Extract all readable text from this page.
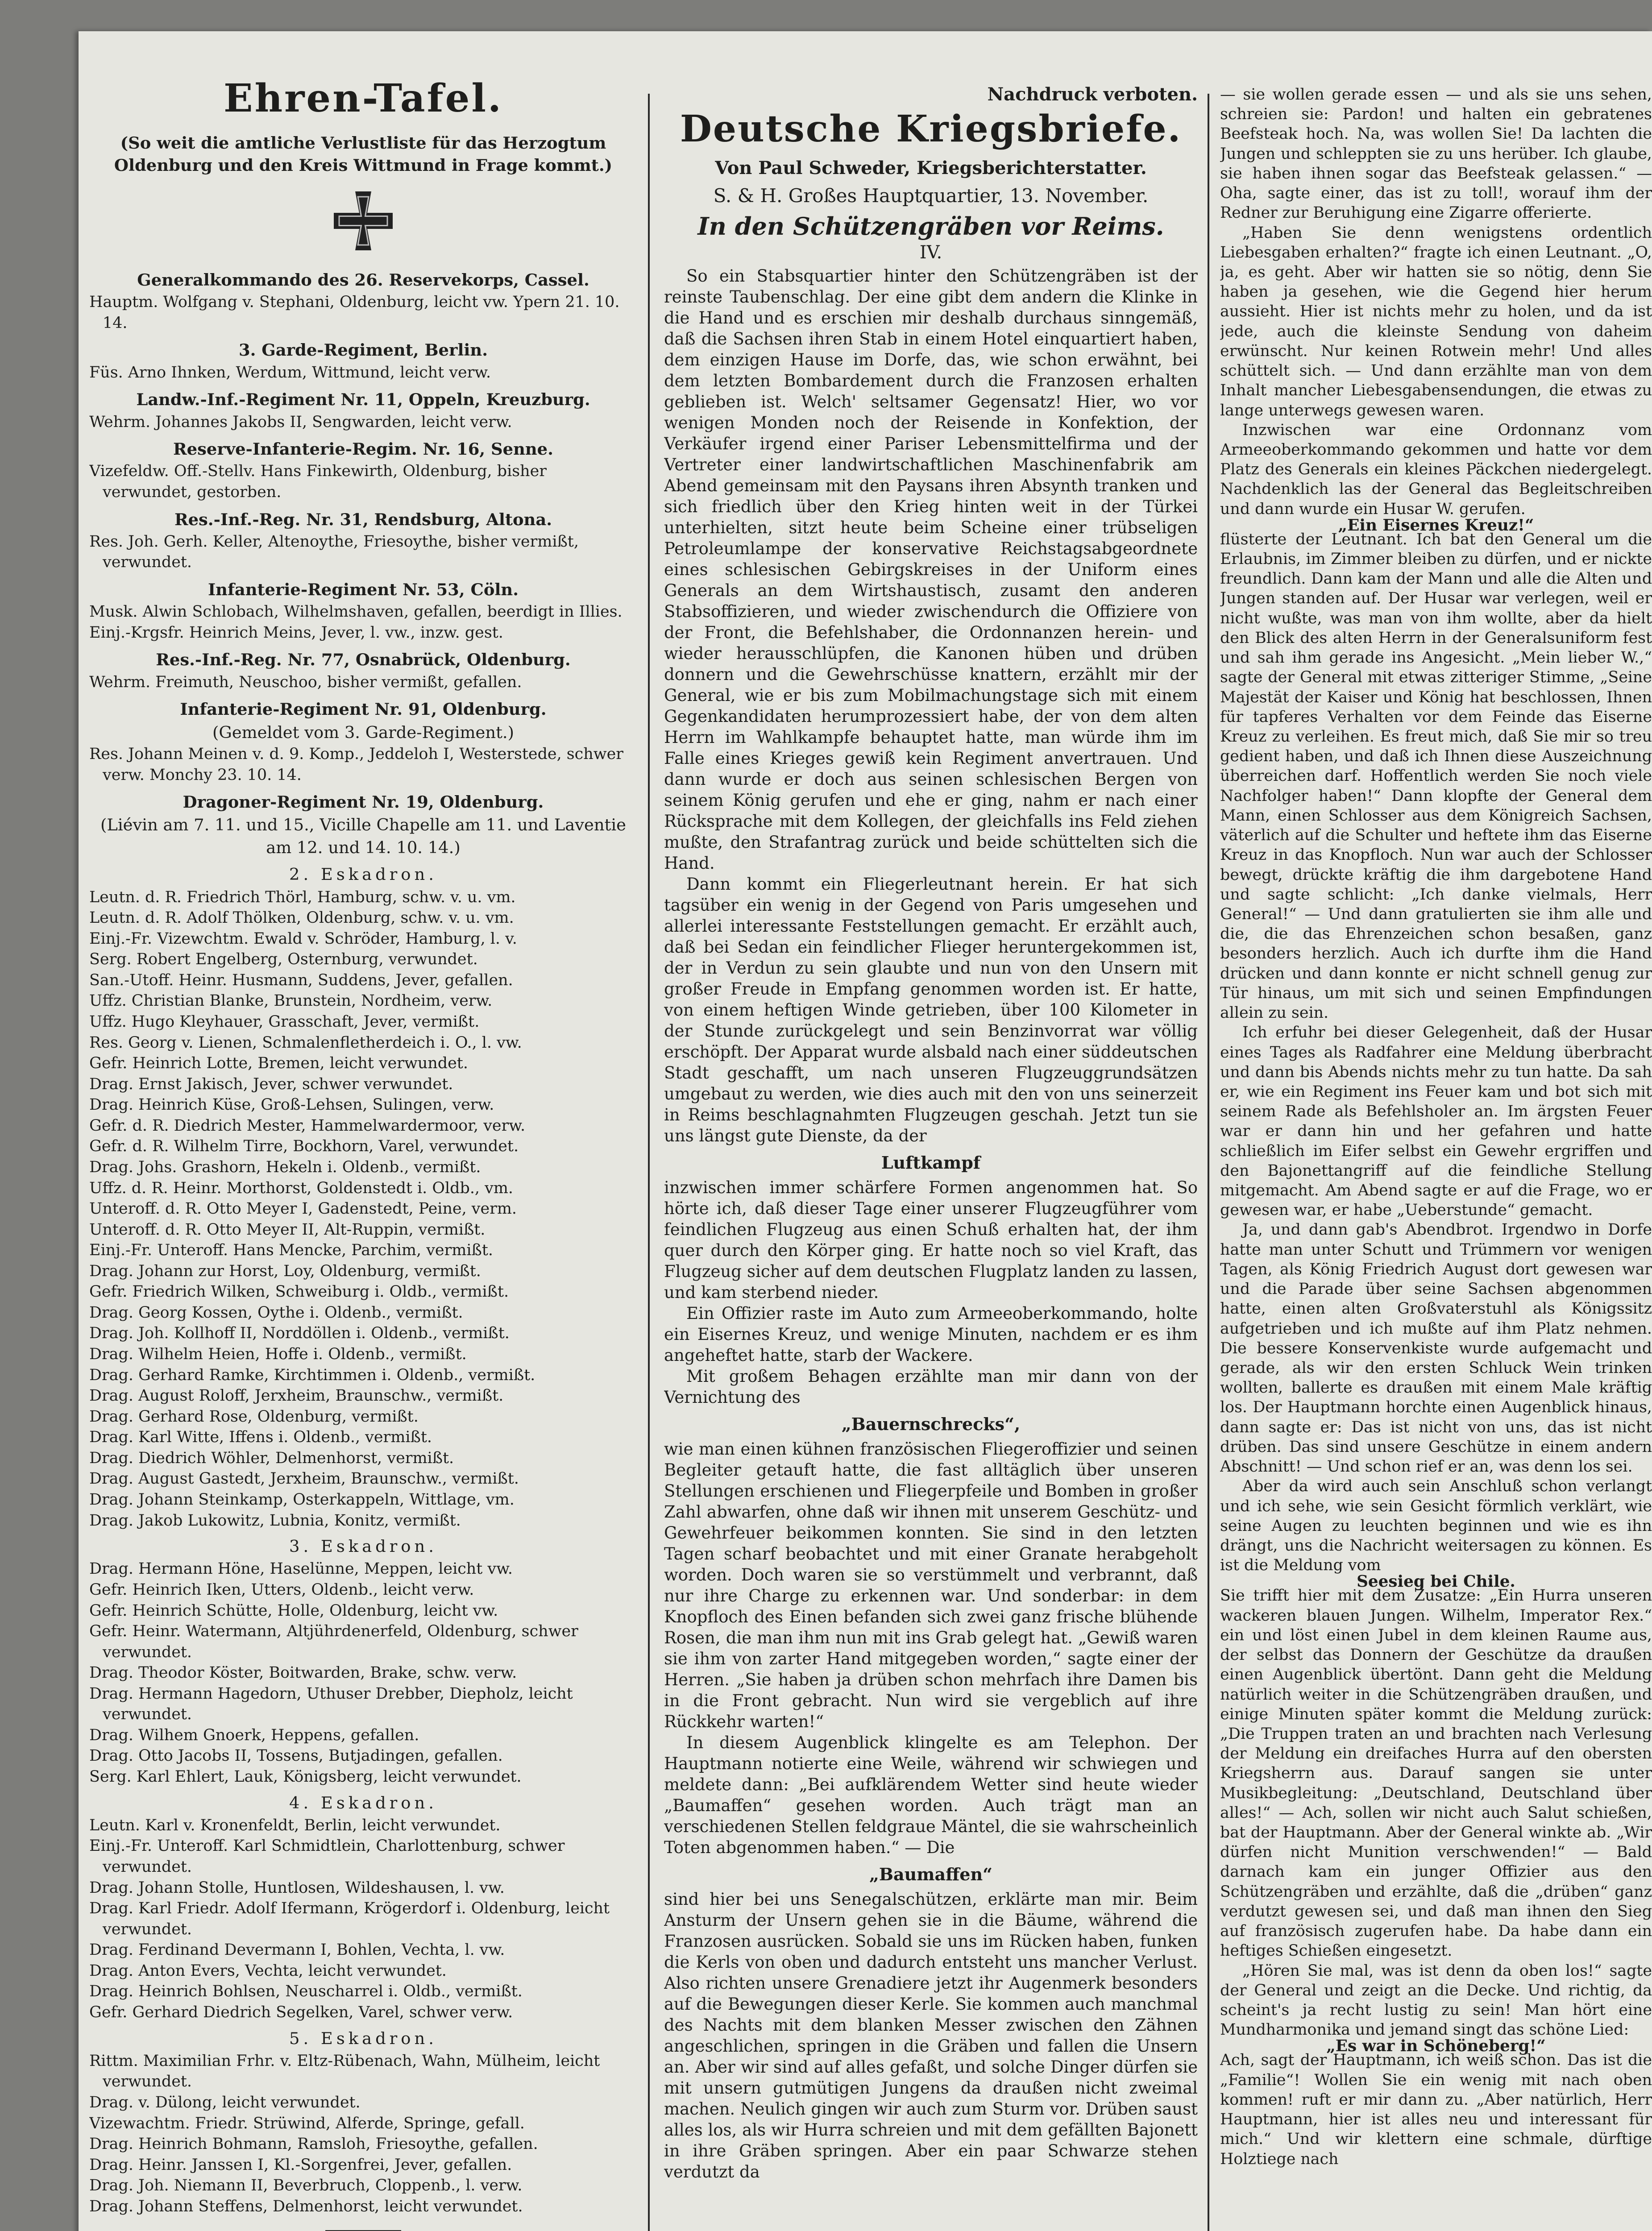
Ehren-Tafel.
(So weit die amtliche Verlustliste für das Herzogtum Oldenburg und den Kreis Wittmund in Frage kommt.)
Generalkommando des 26. Reservekorps, Cassel.

Hauptm. Wolfgang v. Stephani, Oldenburg, leicht vw. Ypern 21. 10. 14.

3. Garde-Regiment, Berlin.

Füs. Arno Ihnken, Werdum, Wittmund, leicht verw.

Landw.-Inf.-Regiment Nr. 11, Oppeln, Kreuzburg.

Wehrm. Johannes Jakobs II, Sengwarden, leicht verw.

Reserve-Infanterie-Regim. Nr. 16, Senne.

Vizefeldw. Off.-Stellv. Hans Finkewirth, Oldenburg, bisher verwundet, gestorben.

Res.-Inf.-Reg. Nr. 31, Rendsburg, Altona.

Res. Joh. Gerh. Keller, Altenoythe, Friesoythe, bisher vermißt, verwundet.

Infanterie-Regiment Nr. 53, Cöln.

Musk. Alwin Schlobach, Wilhelmshaven, gefallen, beerdigt in Illies.

Einj.-Krgsfr. Heinrich Meins, Jever, l. vw., inzw. gest.

Res.-Inf.-Reg. Nr. 77, Osnabrück, Oldenburg.

Wehrm. Freimuth, Neuschoo, bisher vermißt, gefallen.

Infanterie-Regiment Nr. 91, Oldenburg.
(Gemeldet vom 3. Garde-Regiment.)

Res. Johann Meinen v. d. 9. Komp., Jeddeloh I, Westerstede, schwer verw. Monchy 23. 10. 14.

Dragoner-Regiment Nr. 19, Oldenburg.
(Liévin am 7. 11. und 15., Vicille Chapelle am 11. und Laventie am 12. und 14. 10. 14.)
2. Eskadron.

Leutn. d. R. Friedrich Thörl, Hamburg, schw. v. u. vm.

Leutn. d. R. Adolf Thölken, Oldenburg, schw. v. u. vm.

Einj.-Fr. Vizewchtm. Ewald v. Schröder, Hamburg, l. v.

Serg. Robert Engelberg, Osternburg, verwundet.

San.-Utoff. Heinr. Husmann, Suddens, Jever, gefallen.

Uffz. Christian Blanke, Brunstein, Nordheim, verw.

Uffz. Hugo Kleyhauer, Grasschaft, Jever, vermißt.

Res. Georg v. Lienen, Schmalenfletherdeich i. O., l. vw.

Gefr. Heinrich Lotte, Bremen, leicht verwundet.

Drag. Ernst Jakisch, Jever, schwer verwundet.

Drag. Heinrich Küse, Groß-Lehsen, Sulingen, verw.

Gefr. d. R. Diedrich Mester, Hammelwardermoor, verw.

Gefr. d. R. Wilhelm Tirre, Bockhorn, Varel, verwundet.

Drag. Johs. Grashorn, Hekeln i. Oldenb., vermißt.

Uffz. d. R. Heinr. Morthorst, Goldenstedt i. Oldb., vm.

Unteroff. d. R. Otto Meyer I, Gadenstedt, Peine, verm.

Unteroff. d. R. Otto Meyer II, Alt-Ruppin, vermißt.

Einj.-Fr. Unteroff. Hans Mencke, Parchim, vermißt.

Drag. Johann zur Horst, Loy, Oldenburg, vermißt.

Gefr. Friedrich Wilken, Schweiburg i. Oldb., vermißt.

Drag. Georg Kossen, Oythe i. Oldenb., vermißt.

Drag. Joh. Kollhoff II, Norddöllen i. Oldenb., vermißt.

Drag. Wilhelm Heien, Hoffe i. Oldenb., vermißt.

Drag. Gerhard Ramke, Kirchtimmen i. Oldenb., vermißt.

Drag. August Roloff, Jerxheim, Braunschw., vermißt.

Drag. Gerhard Rose, Oldenburg, vermißt.

Drag. Karl Witte, Iffens i. Oldenb., vermißt.

Drag. Diedrich Wöhler, Delmenhorst, vermißt.

Drag. August Gastedt, Jerxheim, Braunschw., vermißt.

Drag. Johann Steinkamp, Osterkappeln, Wittlage, vm.

Drag. Jakob Lukowitz, Lubnia, Konitz, vermißt.

3. Eskadron.

Drag. Hermann Höne, Haselünne, Meppen, leicht vw.

Gefr. Heinrich Iken, Utters, Oldenb., leicht verw.

Gefr. Heinrich Schütte, Holle, Oldenburg, leicht vw.

Gefr. Heinr. Watermann, Altjührdenerfeld, Oldenburg, schwer verwundet.

Drag. Theodor Köster, Boitwarden, Brake, schw. verw.

Drag. Hermann Hagedorn, Uthuser Drebber, Diepholz, leicht verwundet.

Drag. Wilhem Gnoerk, Heppens, gefallen.

Drag. Otto Jacobs II, Tossens, Butjadingen, gefallen.

Serg. Karl Ehlert, Lauk, Königsberg, leicht verwundet.

4. Eskadron.

Leutn. Karl v. Kronenfeldt, Berlin, leicht verwundet.

Einj.-Fr. Unteroff. Karl Schmidtlein, Charlottenburg, schwer verwundet.

Drag. Johann Stolle, Huntlosen, Wildeshausen, l. vw.

Drag. Karl Friedr. Adolf Ifermann, Krögerdorf i. Oldenburg, leicht verwundet.

Drag. Ferdinand Devermann I, Bohlen, Vechta, l. vw.

Drag. Anton Evers, Vechta, leicht verwundet.

Drag. Heinrich Bohlsen, Neuscharrel i. Oldb., vermißt.

Gefr. Gerhard Diedrich Segelken, Varel, schwer verw.

5. Eskadron.

Rittm. Maximilian Frhr. v. Eltz-Rübenach, Wahn, Mülheim, leicht verwundet.

Drag. v. Dülong, leicht verwundet.

Vizewachtm. Friedr. Strüwind, Alferde, Springe, gefall.

Drag. Heinrich Bohmann, Ramsloh, Friesoythe, gefallen.

Drag. Heinr. Janssen I, Kl.-Sorgenfrei, Jever, gefallen.

Drag. Joh. Niemann II, Beverbruch, Cloppenb., l. verw.

Drag. Johann Steffens, Delmenhorst, leicht verwundet.

Nachdruck verboten.
Deutsche Kriegsbriefe.
Von Paul Schweder, Kriegsberichterstatter.
S. & H. Großes Hauptquartier, 13. November.
In den Schützengräben vor Reims.
IV.

So ein Stabsquartier hinter den Schützengräben ist der reinste Taubenschlag. Der eine gibt dem andern die Klinke in die Hand und es erschien mir deshalb durchaus sinngemäß, daß die Sachsen ihren Stab in einem Hotel einquartiert haben, dem einzigen Hause im Dorfe, das, wie schon erwähnt, bei dem letzten Bombardement durch die Franzosen erhalten geblieben ist. Welch' seltsamer Gegensatz! Hier, wo vor wenigen Monden noch der Reisende in Konfektion, der Verkäufer irgend einer Pariser Lebensmittelfirma und der Vertreter einer landwirtschaftlichen Maschinenfabrik am Abend gemeinsam mit den Paysans ihren Absynth tranken und sich friedlich über den Krieg hinten weit in der Türkei unterhielten, sitzt heute beim Scheine einer trübseligen Petroleumlampe der konservative Reichstagsabgeordnete eines schlesischen Gebirgskreises in der Uniform eines Generals an dem Wirtshaustisch, zusamt den anderen Stabsoffizieren, und wieder zwischendurch die Offiziere von der Front, die Befehlshaber, die Ordonnanzen herein- und wieder herausschlüpfen, die Kanonen hüben und drüben donnern und die Gewehrschüsse knattern, erzählt mir der General, wie er bis zum Mobilmachungstage sich mit einem Gegenkandidaten herumprozessiert habe, der von dem alten Herrn im Wahlkampfe behauptet hatte, man würde ihm im Falle eines Krieges gewiß kein Regiment anvertrauen. Und dann wurde er doch aus seinen schlesischen Bergen von seinem König gerufen und ehe er ging, nahm er nach einer Rücksprache mit dem Kollegen, der gleichfalls ins Feld ziehen mußte, den Strafantrag zurück und beide schüttelten sich die Hand.

Dann kommt ein Fliegerleutnant herein. Er hat sich tagsüber ein wenig in der Gegend von Paris umgesehen und allerlei interessante Feststellungen gemacht. Er erzählt auch, daß bei Sedan ein feindlicher Flieger heruntergekommen ist, der in Verdun zu sein glaubte und nun von den Unsern mit großer Freude in Empfang genommen worden ist. Er hatte, von einem heftigen Winde getrieben, über 100 Kilometer in der Stunde zurückgelegt und sein Benzinvorrat war völlig erschöpft. Der Apparat wurde alsbald nach einer süddeutschen Stadt geschafft, um nach unseren Flugzeuggrundsätzen umgebaut zu werden, wie dies auch mit den von uns seinerzeit in Reims beschlagnahmten Flugzeugen geschah. Jetzt tun sie uns längst gute Dienste, da der

Luftkampf

inzwischen immer schärfere Formen angenommen hat. So hörte ich, daß dieser Tage einer unserer Flugzeugführer vom feindlichen Flugzeug aus einen Schuß erhalten hat, der ihm quer durch den Körper ging. Er hatte noch so viel Kraft, das Flugzeug sicher auf dem deutschen Flugplatz landen zu lassen, und kam sterbend nieder.

Ein Offizier raste im Auto zum Armeeoberkommando, holte ein Eisernes Kreuz, und wenige Minuten, nachdem er es ihm angeheftet hatte, starb der Wackere.

Mit großem Behagen erzählte man mir dann von der Vernichtung des

„Bauernschrecks“,

wie man einen kühnen französischen Fliegeroffizier und seinen Begleiter getauft hatte, die fast alltäglich über unseren Stellungen erschienen und Fliegerpfeile und Bomben in großer Zahl abwarfen, ohne daß wir ihnen mit unserem Geschütz- und Gewehrfeuer beikommen konnten. Sie sind in den letzten Tagen scharf beobachtet und mit einer Granate herabgeholt worden. Doch waren sie so verstümmelt und verbrannt, daß nur ihre Charge zu erkennen war. Und sonderbar: in dem Knopfloch des Einen befanden sich zwei ganz frische blühende Rosen, die man ihm nun mit ins Grab gelegt hat. „Gewiß waren sie ihm von zarter Hand mitgegeben worden,“ sagte einer der Herren. „Sie haben ja drüben schon mehrfach ihre Damen bis in die Front gebracht. Nun wird sie vergeblich auf ihre Rückkehr warten!“

In diesem Augenblick klingelte es am Telephon. Der Hauptmann notierte eine Weile, während wir schwiegen und meldete dann: „Bei aufklärendem Wetter sind heute wieder „Baumaffen“ gesehen worden. Auch trägt man an verschiedenen Stellen feldgraue Mäntel, die sie wahrscheinlich Toten abgenommen haben.“ — Die

„Baumaffen“

sind hier bei uns Senegalschützen, erklärte man mir. Beim Ansturm der Unsern gehen sie in die Bäume, während die Franzosen ausrücken. Sobald sie uns im Rücken haben, funken die Kerls von oben und dadurch entsteht uns mancher Verlust. Also richten unsere Grenadiere jetzt ihr Augenmerk besonders auf die Bewegungen dieser Kerle. Sie kommen auch manchmal des Nachts mit dem blanken Messer zwischen den Zähnen angeschlichen, springen in die Gräben und fallen die Unsern an. Aber wir sind auf alles gefaßt, und solche Dinger dürfen sie mit unsern gutmütigen Jungens da draußen nicht zweimal machen. Neulich gingen wir auch zum Sturm vor. Drüben saust alles los, als wir Hurra schreien und mit dem gefällten Bajonett in ihre Gräben springen. Aber ein paar Schwarze stehen verdutzt da

— sie wollen gerade essen — und als sie uns sehen, schreien sie: Pardon! und halten ein gebratenes Beefsteak hoch. Na, was wollen Sie! Da lachten die Jungen und schleppten sie zu uns herüber. Ich glaube, sie haben ihnen sogar das Beefsteak gelassen.“ — Oha, sagte einer, das ist zu toll!, worauf ihm der Redner zur Beruhigung eine Zigarre offerierte.

„Haben Sie denn wenigstens ordentlich Liebesgaben erhalten?“ fragte ich einen Leutnant. „O, ja, es geht. Aber wir hatten sie so nötig, denn Sie haben ja gesehen, wie die Gegend hier herum aussieht. Hier ist nichts mehr zu holen, und da ist jede, auch die kleinste Sendung von daheim erwünscht. Nur keinen Rotwein mehr! Und alles schüttelt sich. — Und dann erzählte man von dem Inhalt mancher Liebesgabensendungen, die etwas zu lange unterwegs gewesen waren.

Inzwischen war eine Ordonnanz vom Armeeoberkommando gekommen und hatte vor dem Platz des Generals ein kleines Päckchen niedergelegt. Nachdenklich las der General das Begleitschreiben und dann wurde ein Husar W. gerufen.

„Ein Eisernes Kreuz!“

flüsterte der Leutnant. Ich bat den General um die Erlaubnis, im Zimmer bleiben zu dürfen, und er nickte freundlich. Dann kam der Mann und alle die Alten und Jungen standen auf. Der Husar war verlegen, weil er nicht wußte, was man von ihm wollte, aber da hielt den Blick des alten Herrn in der Generalsuniform fest und sah ihm gerade ins Angesicht. „Mein lieber W.,“ sagte der General mit etwas zitteriger Stimme, „Seine Majestät der Kaiser und König hat beschlossen, Ihnen für tapferes Verhalten vor dem Feinde das Eiserne Kreuz zu verleihen. Es freut mich, daß Sie mir so treu gedient haben, und daß ich Ihnen diese Auszeichnung überreichen darf. Hoffentlich werden Sie noch viele Nachfolger haben!“ Dann klopfte der General dem Mann, einen Schlosser aus dem Königreich Sachsen, väterlich auf die Schulter und heftete ihm das Eiserne Kreuz in das Knopfloch. Nun war auch der Schlosser bewegt, drückte kräftig die ihm dargebotene Hand und sagte schlicht: „Ich danke vielmals, Herr General!“ — Und dann gratulierten sie ihm alle und die, die das Ehrenzeichen schon besaßen, ganz besonders herzlich. Auch ich durfte ihm die Hand drücken und dann konnte er nicht schnell genug zur Tür hinaus, um mit sich und seinen Empfindungen allein zu sein.

Ich erfuhr bei dieser Gelegenheit, daß der Husar eines Tages als Radfahrer eine Meldung überbracht und dann bis Abends nichts mehr zu tun hatte. Da sah er, wie ein Regiment ins Feuer kam und bot sich mit seinem Rade als Befehlsholer an. Im ärgsten Feuer war er dann hin und her gefahren und hatte schließlich im Eifer selbst ein Gewehr ergriffen und den Bajonettangriff auf die feindliche Stellung mitgemacht. Am Abend sagte er auf die Frage, wo er gewesen war, er habe „Ueberstunde“ gemacht.

Ja, und dann gab's Abendbrot. Irgendwo in Dorfe hatte man unter Schutt und Trümmern vor wenigen Tagen, als König Friedrich August dort gewesen war und die Parade über seine Sachsen abgenommen hatte, einen alten Großvaterstuhl als Königssitz aufgetrieben und ich mußte auf ihm Platz nehmen. Die bessere Konservenkiste wurde aufgemacht und gerade, als wir den ersten Schluck Wein trinken wollten, ballerte es draußen mit einem Male kräftig los. Der Hauptmann horchte einen Augenblick hinaus, dann sagte er: Das ist nicht von uns, das ist nicht drüben. Das sind unsere Geschütze in einem andern Abschnitt! — Und schon rief er an, was denn los sei.

Aber da wird auch sein Anschluß schon verlangt und ich sehe, wie sein Gesicht förmlich verklärt, wie seine Augen zu leuchten beginnen und wie es ihn drängt, uns die Nachricht weitersagen zu können. Es ist die Meldung vom

Seesieg bei Chile.

Sie trifft hier mit dem Zusatze: „Ein Hurra unseren wackeren blauen Jungen. Wilhelm, Imperator Rex.“ ein und löst einen Jubel in dem kleinen Raume aus, der selbst das Donnern der Geschütze da draußen einen Augenblick übertönt. Dann geht die Meldung natürlich weiter in die Schützengräben draußen, und einige Minuten später kommt die Meldung zurück: „Die Truppen traten an und brachten nach Verlesung der Meldung ein dreifaches Hurra auf den obersten Kriegsherrn aus. Darauf sangen sie unter Musikbegleitung: „Deutschland, Deutschland über alles!“ — Ach, sollen wir nicht auch Salut schießen, bat der Hauptmann. Aber der General winkte ab. „Wir dürfen nicht Munition verschwenden!“ — Bald darnach kam ein junger Offizier aus den Schützengräben und erzählte, daß die „drüben“ ganz verdutzt gewesen sei, und daß man ihnen den Sieg auf französisch zugerufen habe. Da habe dann ein heftiges Schießen eingesetzt.

„Hören Sie mal, was ist denn da oben los!“ sagte der General und zeigt an die Decke. Und richtig, da scheint's ja recht lustig zu sein! Man hört eine Mundharmonika und jemand singt das schöne Lied:

„Es war in Schöneberg!“

Ach, sagt der Hauptmann, ich weiß schon. Das ist die „Familie“! Wollen Sie ein wenig mit nach oben kommen! ruft er mir dann zu. „Aber natürlich, Herr Hauptmann, hier ist alles neu und interessant für mich.“ Und wir klettern eine schmale, dürftige Holztiege nach
